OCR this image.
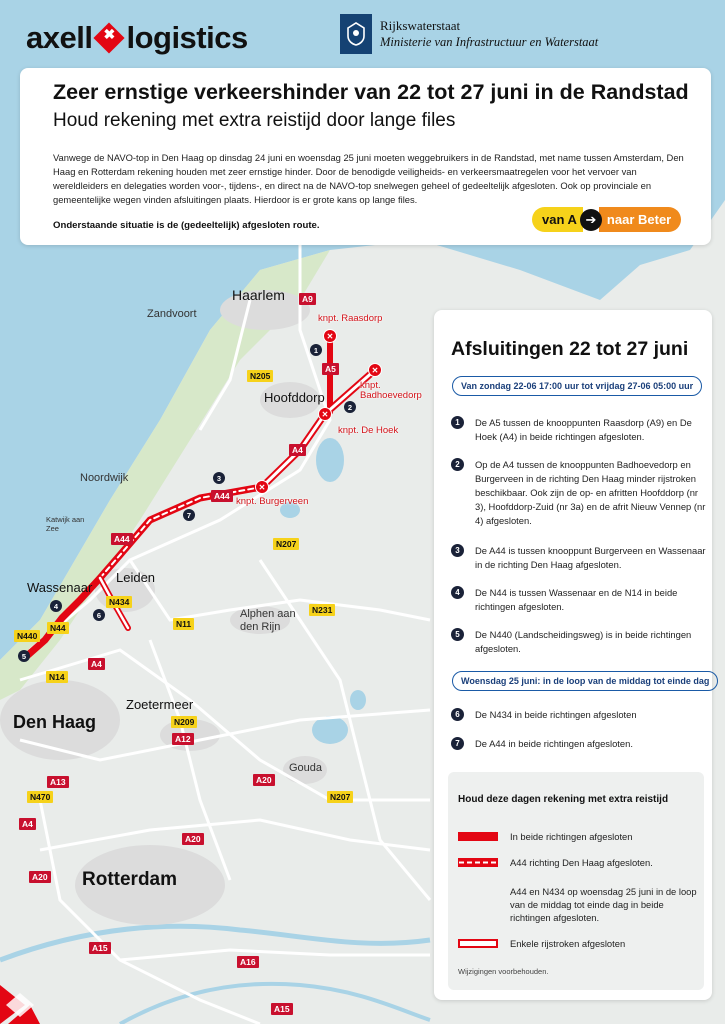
Haarlem
Zandvoort
Hoofddorp
Noordwijk
Katwijk aan Zee
Wassenaar
Leiden
Alphen aan den Rijn
Zoetermeer
Den Haag
Gouda
Rotterdam
✕
knpt. Raasdorp
✕
knpt. Badhoevedorp
✕
knpt. De Hoek
✕
knpt. Burgerveen
A9
A5
N205
A4
A44
A44	N207
N434
N231
N11
N44
N440
A4
N14
N209
A12
A13	A20
N470	N207
A4
A20
A20
A15
A16
A15
1
2
3
4
5
6
7
axell✖ logistics	Rijkswaterstaat
Ministerie van Infrastructuur en Waterstaat
Zeer ernstige verkeershinder van 22 tot 27 juni in de Randstad
Houd rekening met extra reistijd door lange files

Vanwege de NAVO-top in Den Haag op dinsdag 24 juni en woensdag 25 juni moeten weggebruikers in de Randstad, met name tussen Amsterdam, Den Haag en Rotterdam rekening houden met zeer ernstige hinder. Door de benodigde veiligheids- en verkeersmaatregelen voor het vervoer van wereldleiders en delegaties worden voor-, tijdens-, en direct na de NAVO-top snelwegen geheel of gedeeltelijk afgesloten. Ook op provinciale en gemeentelijke wegen vinden afsluitingen plaats. Hierdoor is er grote kans op lange files.

Onderstaande situatie is de (gedeeltelijk) afgesloten route.	van A ➔ naar Beter
Afsluitingen 22 tot 27 juni
Van zondag 22-06 17:00 uur tot vrijdag 27-06 05:00 uur
1	De A5 tussen de knooppunten Raasdorp (A9) en De Hoek (A4) in beide richtingen afgesloten.
2	Op de A4 tussen de knooppunten Badhoevedorp en Burgerveen in de richting Den Haag minder rijstroken beschikbaar. Ook zijn de op- en afritten Hoofddorp (nr 3), Hoofddorp-Zuid (nr 3a) en de afrit Nieuw Vennep (nr 4) afgesloten.
3	De A44 is tussen knooppunt Burgerveen en Wassenaar in de richting Den Haag afgesloten.
4	De N44 is tussen Wassenaar en de N14 in beide richtingen afgesloten.
5	De N440 (Landscheidingsweg) is in beide richtingen afgesloten.
Woensdag 25 juni: in de loop van de middag tot einde dag
6	De N434 in beide richtingen afgesloten
7	De A44 in beide richtingen afgesloten.
Houd deze dagen rekening met extra reistijd
In beide richtingen afgesloten
A44 richting Den Haag afgesloten.
A44 en N434 op woensdag 25 juni in de loop van de middag tot einde dag in beide richtingen afgesloten.
Enkele rijstroken afgesloten
Wijzigingen voorbehouden.
